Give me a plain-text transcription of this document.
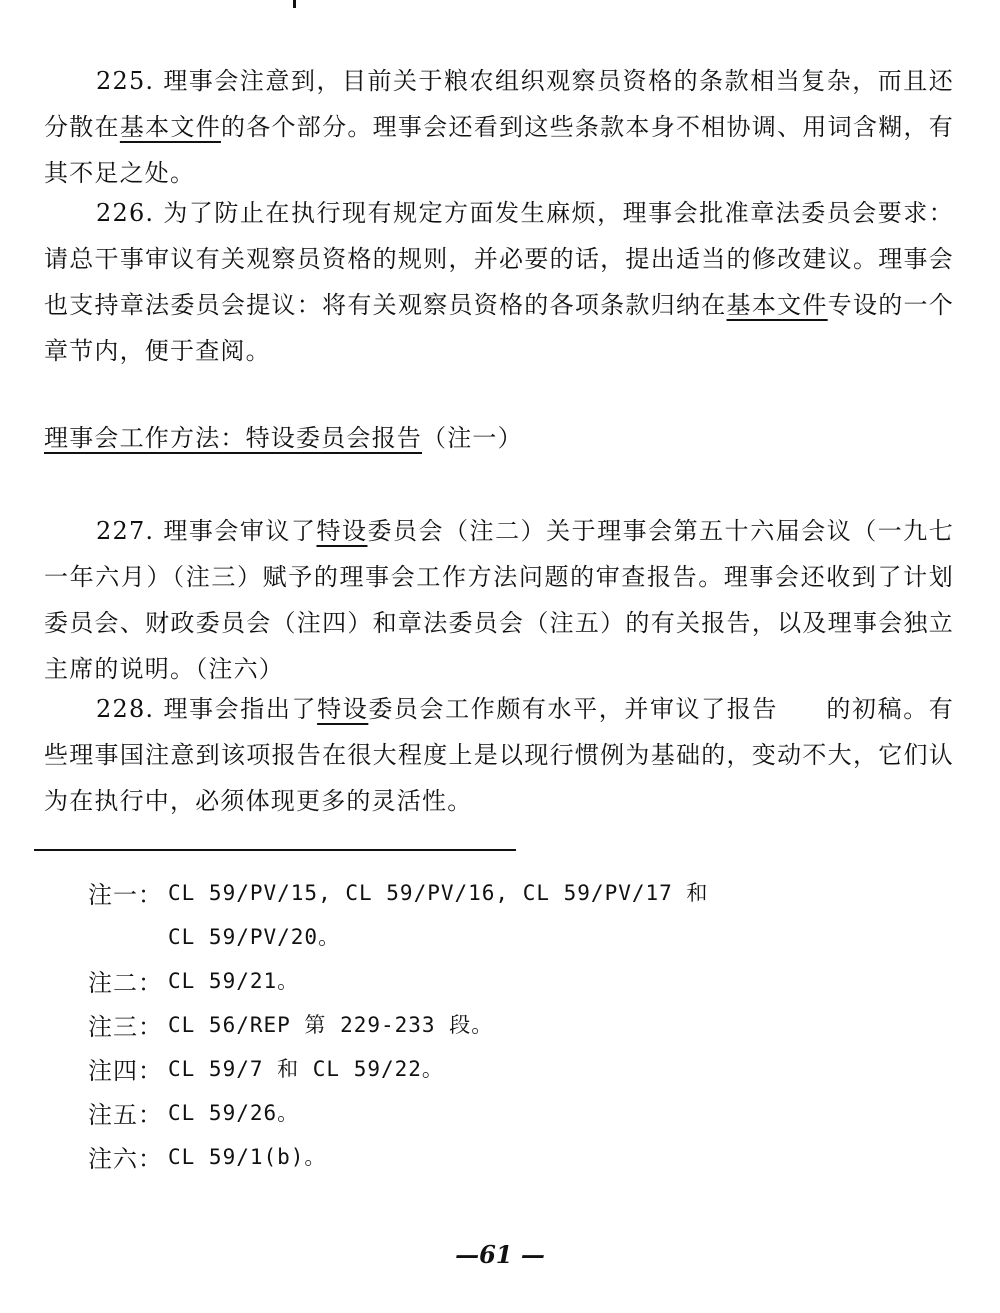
225. 理事会注意到，目前关于粮农组织观察员资格的条款相当复杂，而且还分散在基本文件的各个部分。理事会还看到这些条款本身不相协调、用词含糊，有其不足之处。

226. 为了防止在执行现有规定方面发生麻烦，理事会批准章法委员会要求：请总干事审议有关观察员资格的规则，并必要的话，提出适当的修改建议。理事会也支持章法委员会提议：将有关观察员资格的各项条款归纳在基本文件专设的一个章节内，便于查阅。

理事会工作方法：特设委员会报告（注一）

227. 理事会审议了特设委员会（注二）关于理事会第五十六届会议（一九七一年六月）（注三）赋予的理事会工作方法问题的审查报告。理事会还收到了计划委员会、财政委员会（注四）和章法委员会（注五）的有关报告，以及理事会独立主席的说明。（注六）

228. 理事会指出了特设委员会工作颇有水平，并审议了报告 的初稿。有些理事国注意到该项报告在很大程度上是以现行惯例为基础的，变动不大，它们认为在执行中，必须体现更多的灵活性。

注一： CL 59/PV/15, CL 59/PV/16, CL 59/PV/17 和
CL 59/PV/20。
注二： CL 59/21。
注三： CL 56/REP 第 229-233 段。
注四： CL 59/7 和 CL 59/22。
注五： CL 59/26。
注六： CL 59/1(b)。
—61 —
